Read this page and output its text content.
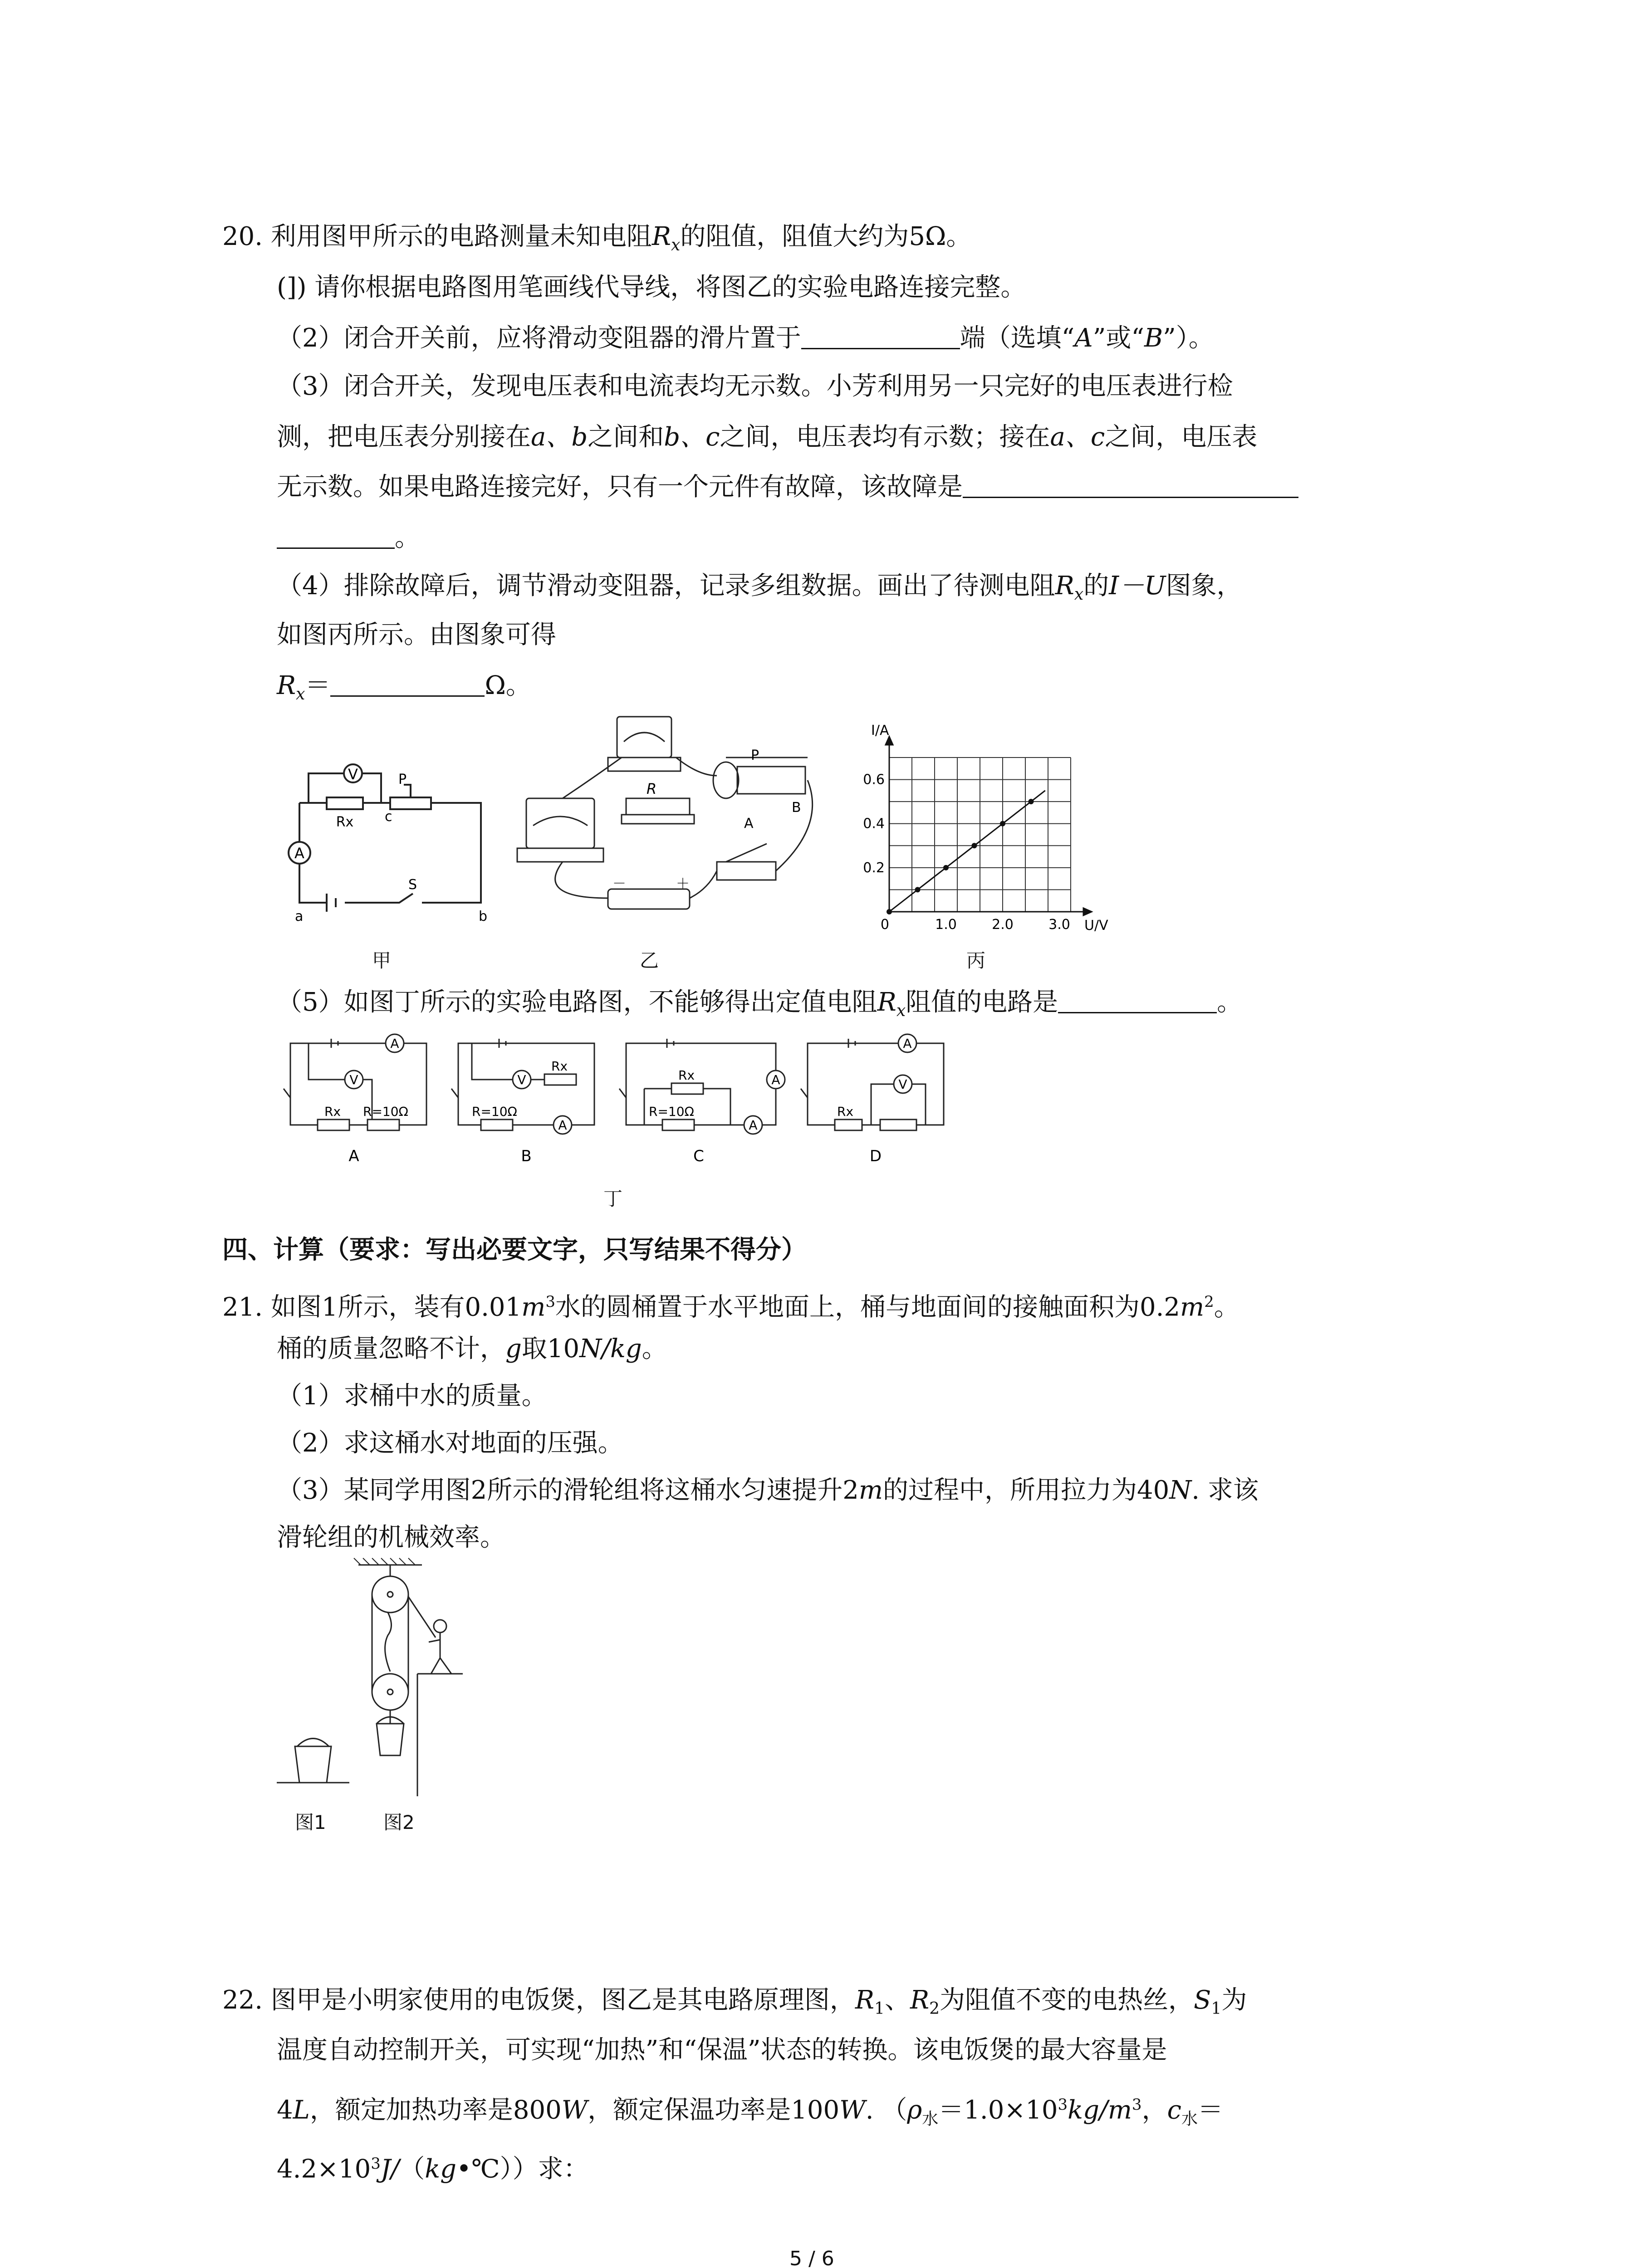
20. 利用图甲所示的电路测量未知电阻$R_x$的阻值，阻值大约为5Ω。
(]) 请你根据电路图用笔画线代导线，将图乙的实验电路连接完整。
（2）闭合开关前，应将滑动变阻器的滑片置于	端（选填“A”或“B”）。
（3）闭合开关，发现电压表和电流表均无示数。小芳利用另一只完好的电压表进行检
测，把电压表分别接在a、b之间和b、c之间，电压表均有示数；接在a、c之间，电压表
无示数。如果电路连接完好，只有一个元件有故障，该故障是
。
（4）排除故障后，调节滑动变阻器，记录多组数据。画出了待测电阻$R_x$的I－U图象，
如图丙所示。由图象可得
$R_x=$	Ω。
V
A
Rx
P
c
a
S
b
甲
R
P
B
A
－	＋
乙
0	1.0	2.0	3.0
0.2
0.4
0.6
I/A
U/V
丙
（5）如图丁所示的实验电路图，不能够得出定值电阻$R_x$阻值的电路是	。
A
V
Rx R=10Ω
V
Rx
R=10Ω
A
A
Rx
R=10Ω
A
A
V
Rx
A	B	C	D
丁
四、计算（要求：写出必要文字，只写结果不得分）
21. 如图1所示，装有$0.01m^3$水的圆桶置于水平地面上，桶与地面间的接触面积为$0.2m^2$。
桶的质量忽略不计，g取10N/kg。
（1）求桶中水的质量。
（2）求这桶水对地面的压强。
（3）某同学用图2所示的滑轮组将这桶水匀速提升2m的过程中，所用拉力为40N. 求该
滑轮组的机械效率。
图1	图2
22. 图甲是小明家使用的电饭煲，图乙是其电路原理图，$R_1$、$R_2$为阻值不变的电热丝，$S_1$为
温度自动控制开关，可实现“加热”和“保温”状态的转换。该电饭煲的最大容量是
4L，额定加热功率是800W，额定保温功率是100W. （$\rho_水=1.0\times 10^3kg/m^3$，$c_水=$
$4.2\times 10^3J/(kg•℃)$）求：
5 / 6
